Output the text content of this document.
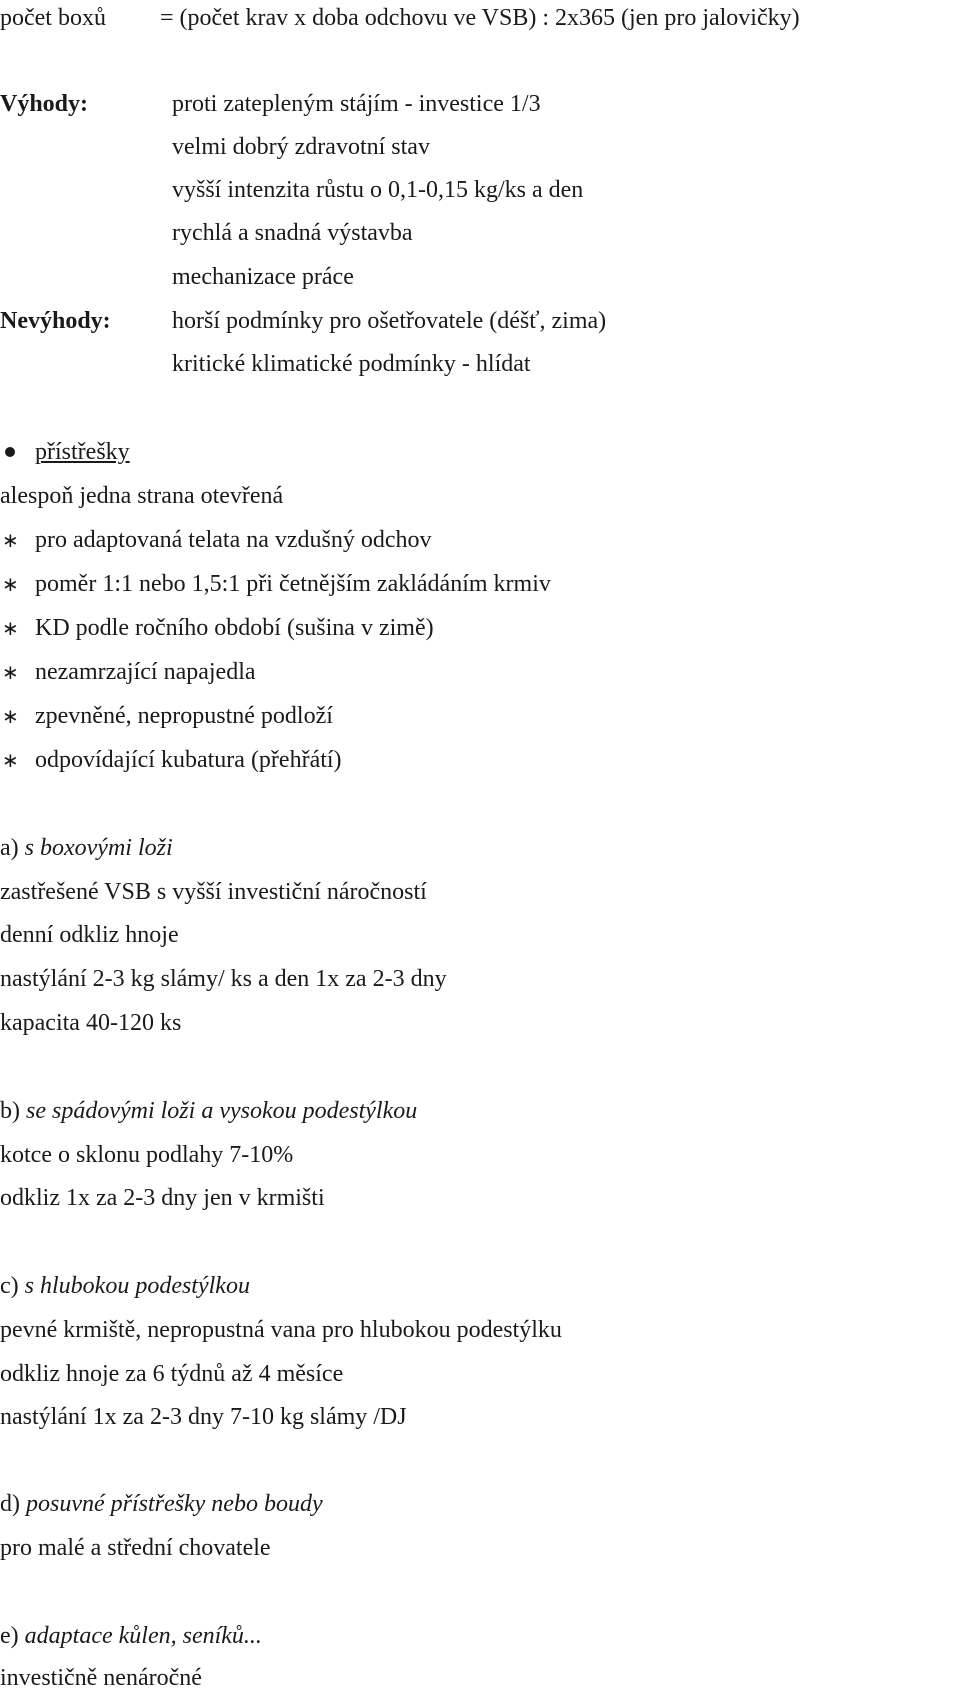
počet boxů = (počet krav x doba odchovu ve VSB) : 2x365 (jen pro jalovičky)
Výhody:	proti zatepleným stájím - investice 1/3
velmi dobrý zdravotní stav
vyšší intenzita růstu o 0,1-0,15 kg/ks a den
rychlá a snadná výstavba
mechanizace práce
Nevýhody:	horší podmínky pro ošetřovatele (déšť, zima)
kritické klimatické podmínky - hlídat
přístřešky
alespoň jedna strana otevřená
∗ pro adaptovaná telata na vzdušný odchov
∗ poměr 1:1 nebo 1,5:1 při četnějším zakládáním krmiv
∗ KD podle ročního období (sušina v zimě)
∗ nezamrzající napajedla
∗ zpevněné, nepropustné podloží
∗ odpovídající kubatura (přehřátí)
a) s boxovými loži
zastřešené VSB s vyšší investiční náročností
denní odkliz hnoje
nastýlání 2-3 kg slámy/ ks a den 1x za 2-3 dny
kapacita 40-120 ks
b) se spádovými loži a vysokou podestýlkou
kotce o sklonu podlahy 7-10%
odkliz 1x za 2-3 dny jen v krmišti
c) s hlubokou podestýlkou
pevné krmiště, nepropustná vana pro hlubokou podestýlku
odkliz hnoje za 6 týdnů až 4 měsíce
nastýlání 1x za 2-3 dny 7-10 kg slámy /DJ
d) posuvné přístřešky nebo boudy
pro malé a střední chovatele
e) adaptace kůlen, seníků...
investičně nenáročné
